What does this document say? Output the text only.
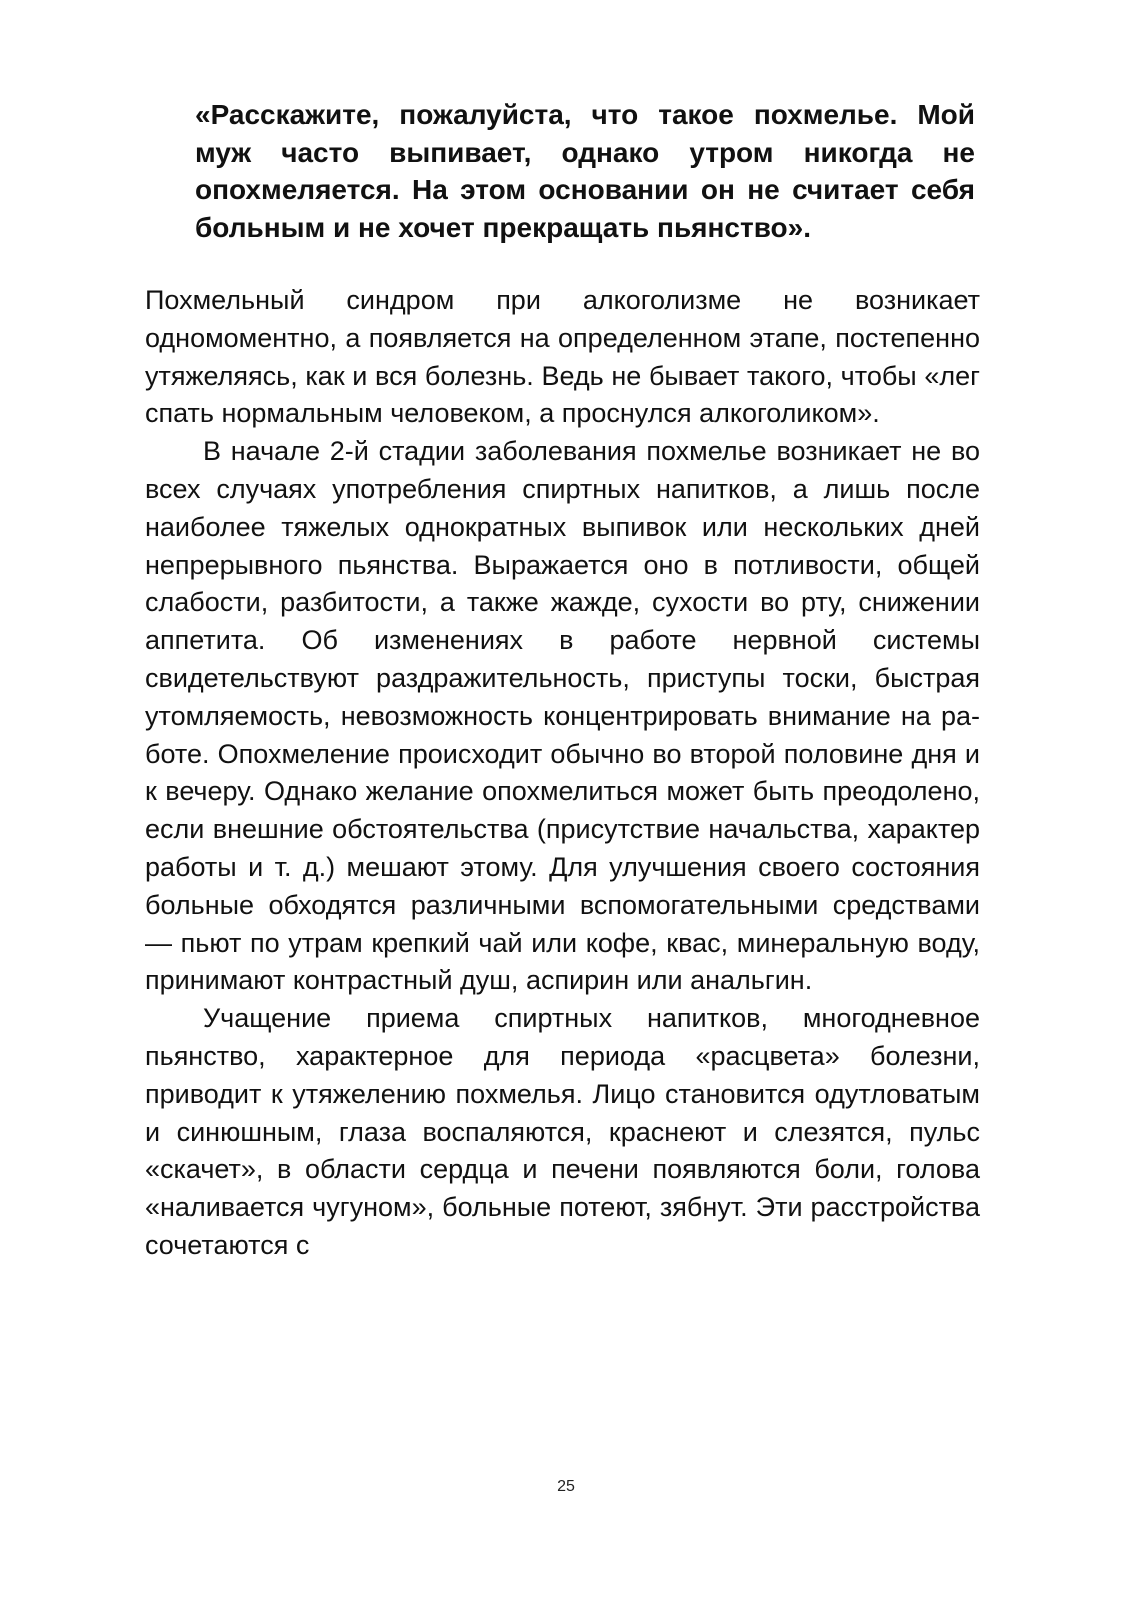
«Расскажите, пожалуйста, что такое похмелье. Мой муж часто выпивает, однако утром никогда не опохмеляется. На этом основании он не считает себя больным и не хочет прекращать пьянство».

Похмельный синдром при алкоголизме не возникает одномоментно, а появляется на определенном этапе, постепенно утяжеляясь, как и вся болезнь. Ведь не бывает такого, чтобы «лег спать нормальным человеком, а проснулся алкоголиком».

В начале 2-й стадии заболевания похмелье возникает не во всех случаях употребления спиртных напитков, а лишь после наиболее тяжелых однократных выпивок или нескольких дней непрерывного пьянства. Выражается оно в потливости, общей слабости, разбитости, а также жажде, сухости во рту, снижении аппетита. Об изменениях в работе нервной системы свидетельствуют раздражительность, приступы тоски, быстрая утомляемость, невозможность концентрировать внимание на работе. Опохмеление происходит обычно во второй половине дня и к вечеру. Однако желание опохмелиться может быть преодолено, если внешние обстоятельства (присутствие начальства, характер работы и т. д.) мешают этому. Для улучшения своего состояния больные обходятся различными вспомогательными средствами — пьют по утрам крепкий чай или кофе, квас, минеральную воду, принимают контрастный душ, аспирин или анальгин.

Учащение приема спиртных напитков, многодневное пьянство, характерное для периода «расцвета» болезни, приводит к утяжелению похмелья. Лицо становится одутловатым и синюшным, глаза воспаляются, краснеют и слезятся, пульс «скачет», в области сердца и печени появляются боли, голова «наливается чугуном», больные потеют, зябнут. Эти расстройства сочетаются с

25
